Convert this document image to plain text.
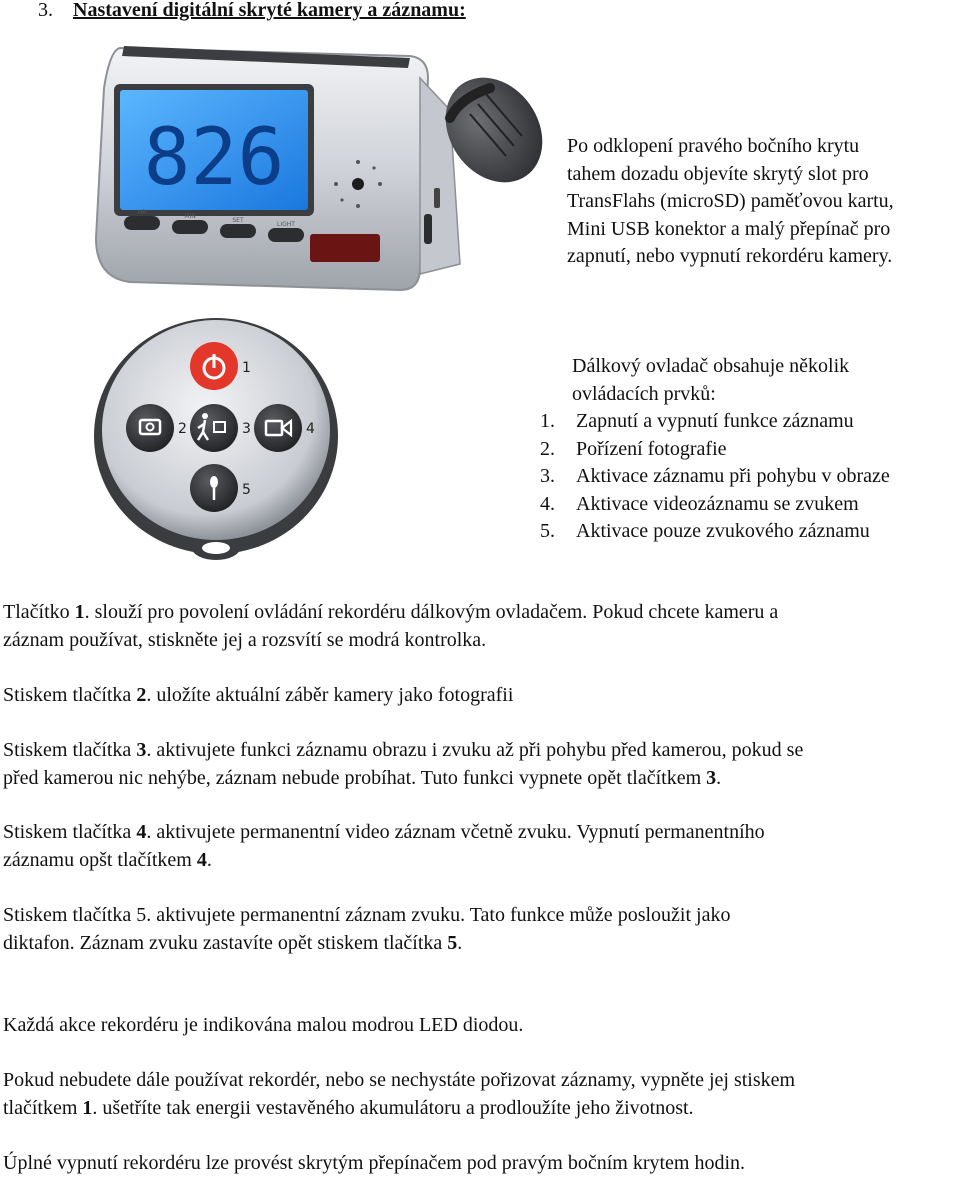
3. Nastavení digitální skryté kamery a záznamu:
826
HR
MIN
SET
LIGHT
Po odklopení pravého bočního krytu
tahem dozadu objevíte skrytý slot pro
TransFlahs (microSD) paměťovou kartu,
Mini USB konektor a malý přepínač pro
zapnutí, nebo vypnutí rekordéru kamery.
1
2	3	4
5
Dálkový ovladač obsahuje několik
ovládacích prvků:
1. Zapnutí a vypnutí funkce záznamu
2. Pořízení fotografie
3. Aktivace záznamu při pohybu v obraze
4. Aktivace videozáznamu se zvukem
5. Aktivace pouze zvukového záznamu
Tlačítko 1. slouží pro povolení ovládání rekordéru dálkovým ovladačem. Pokud chcete kameru a
záznam používat, stiskněte jej a rozsvítí se modrá kontrolka.
Stiskem tlačítka 2. uložíte aktuální záběr kamery jako fotografii
Stiskem tlačítka 3. aktivujete funkci záznamu obrazu i zvuku až při pohybu před kamerou, pokud se
před kamerou nic nehýbe, záznam nebude probíhat. Tuto funkci vypnete opět tlačítkem 3.
Stiskem tlačítka 4. aktivujete permanentní video záznam včetně zvuku. Vypnutí permanentního
záznamu opšt tlačítkem 4.
Stiskem tlačítka 5. aktivujete permanentní záznam zvuku. Tato funkce může posloužit jako
diktafon. Záznam zvuku zastavíte opět stiskem tlačítka 5.
Každá akce rekordéru je indikována malou modrou LED diodou.
Pokud nebudete dále používat rekordér, nebo se nechystáte pořizovat záznamy, vypněte jej stiskem
tlačítkem 1. ušetříte tak energii vestavěného akumulátoru a prodloužíte jeho životnost.
Úplné vypnutí rekordéru lze provést skrytým přepínačem pod pravým bočním krytem hodin.
